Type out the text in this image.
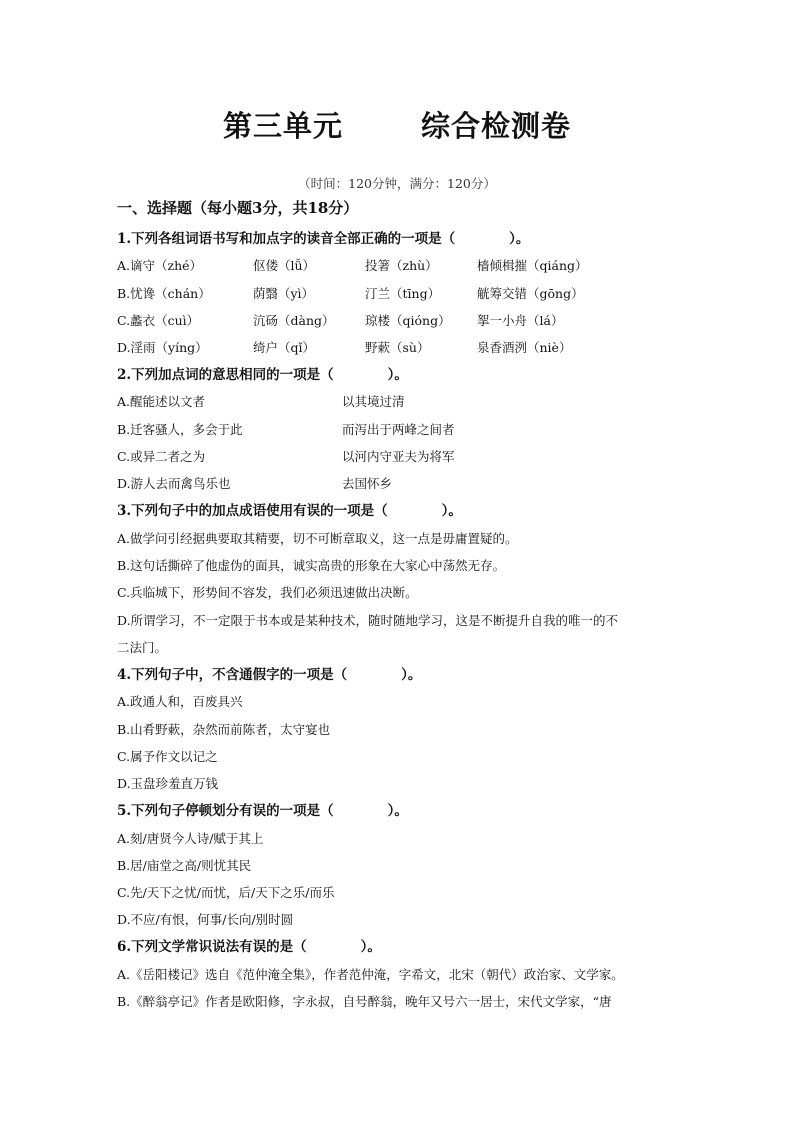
第三单元	综合检测卷
（时间：120分钟，满分：120分）
一、选择题（每小题3分，共18分）
1.下列各组词语书写和加点字的读音全部正确的一项是（　　　　）。
A.谪守（zhé）	伛偻（lǚ）	投箸（zhù）	樯倾楫摧（qiáng）
B.忧谗（chán）	荫翳（yì）	汀兰（tīng）	觥筹交错（gōng）
C.蠡衣（cuì）	沆砀（dàng） 琼楼（qióng） 挐一小舟（lá）
D.淫雨（yíng）	绮户（qǐ）	野蔌（sù）	泉香酒洌（niè）
2.下列加点词的意思相同的一项是（　　　　）。
A.醒能述以文者	以其境过清
B.迁客骚人，多会于此	而泻出于两峰之间者
C.或异二者之为	以河内守亚夫为将军
D.游人去而禽鸟乐也	去国怀乡
3.下列句子中的加点成语使用有误的一项是（　　　　）。
A.做学问引经据典要取其精要，切不可断章取义，这一点是毋庸置疑的。
B.这句话撕碎了他虚伪的面具，诚实高贵的形象在大家心中荡然无存。
C.兵临城下，形势间不容发，我们必须迅速做出决断。
D.所谓学习，不一定限于书本或是某种技术，随时随地学习，这是不断提升自我的唯一的不
二法门。
4.下列句子中，不含通假字的一项是（　　　　）。
A.政通人和，百废具兴
B.山肴野蔌，杂然而前陈者，太守宴也
C.属予作文以记之
D.玉盘珍羞直万钱
5.下列句子停顿划分有误的一项是（　　　　）。
A.刻/唐贤今人诗/赋于其上
B.居/庙堂之高/则忧其民
C.先/天下之忧/而忧，后/天下之乐/而乐
D.不应/有恨，何事/长向/别时圆
6.下列文学常识说法有误的是（　　　　）。
A.《岳阳楼记》选自《范仲淹全集》，作者范仲淹，字希文，北宋（朝代）政治家、文学家。
B.《醉翁亭记》作者是欧阳修，字永叔，自号醉翁，晚年又号六一居士，宋代文学家，“唐
